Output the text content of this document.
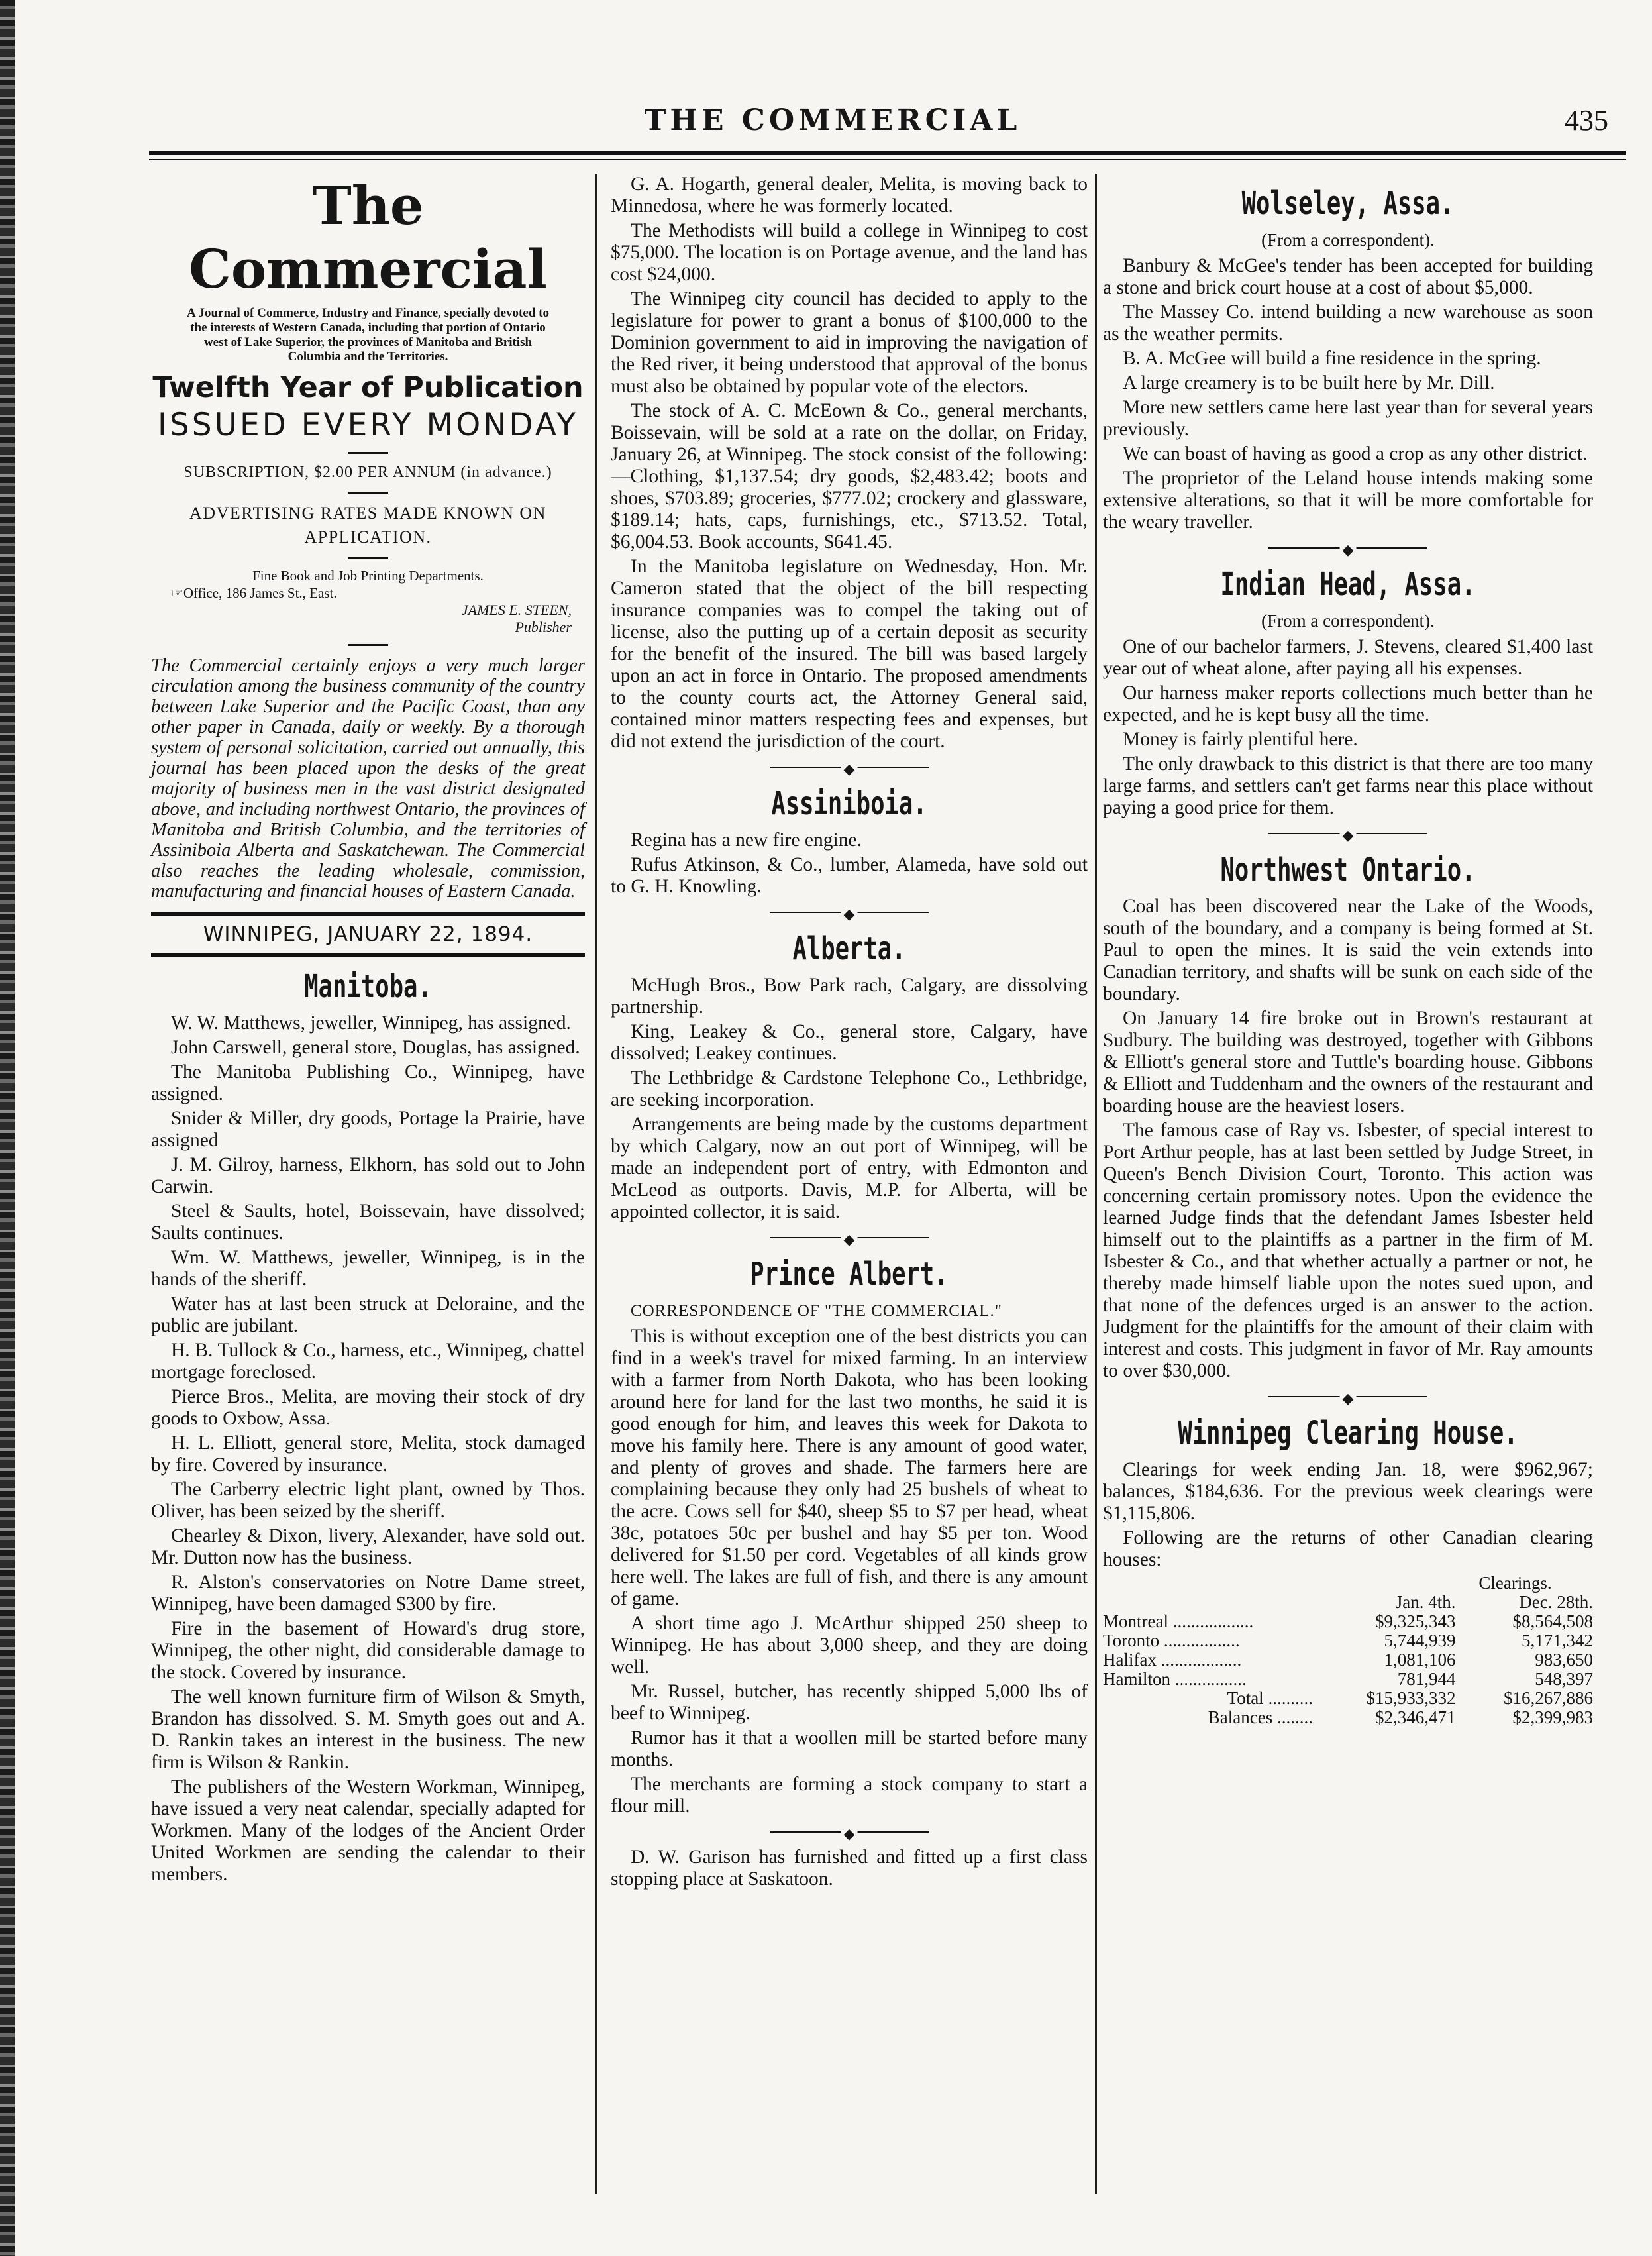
THE COMMERCIAL	435
The Commercial
A Journal of Commerce, Industry and Finance, specially devoted to the interests of Western Canada, including that portion of Ontario west of Lake Superior, the provinces of Manitoba and British Columbia and the Territories.
Twelfth Year of Publication
ISSUED EVERY MONDAY
SUBSCRIPTION, $2.00 PER ANNUM (in advance.)
ADVERTISING RATES MADE KNOWN ON APPLICATION.
Fine Book and Job Printing Departments.
☞Office, 186 James St., East.
JAMES E. STEEN,
Publisher
The Commercial certainly enjoys a very much larger circulation among the business community of the country between Lake Superior and the Pacific Coast, than any other paper in Canada, daily or weekly. By a thorough system of personal solicitation, carried out annually, this journal has been placed upon the desks of the great majority of business men in the vast district designated above, and including northwest Ontario, the provinces of Manitoba and British Columbia, and the territories of Assiniboia Alberta and Saskatchewan. The Commercial also reaches the leading wholesale, commission, manufacturing and financial houses of Eastern Canada.
WINNIPEG, JANUARY 22, 1894.
Manitoba.

W. W. Matthews, jeweller, Winnipeg, has assigned.

John Carswell, general store, Douglas, has assigned.

The Manitoba Publishing Co., Winnipeg, have assigned.

Snider & Miller, dry goods, Portage la Prairie, have assigned

J. M. Gilroy, harness, Elkhorn, has sold out to John Carwin.

Steel & Saults, hotel, Boissevain, have dissolved; Saults continues.

Wm. W. Matthews, jeweller, Winnipeg, is in the hands of the sheriff.

Water has at last been struck at Deloraine, and the public are jubilant.

H. B. Tullock & Co., harness, etc., Winnipeg, chattel mortgage foreclosed.

Pierce Bros., Melita, are moving their stock of dry goods to Oxbow, Assa.

H. L. Elliott, general store, Melita, stock damaged by fire. Covered by insurance.

The Carberry electric light plant, owned by Thos. Oliver, has been seized by the sheriff.

Chearley & Dixon, livery, Alexander, have sold out. Mr. Dutton now has the business.

R. Alston's conservatories on Notre Dame street, Winnipeg, have been damaged $300 by fire.

Fire in the basement of Howard's drug store, Winnipeg, the other night, did considerable damage to the stock. Covered by insurance.

The well known furniture firm of Wilson & Smyth, Brandon has dissolved. S. M. Smyth goes out and A. D. Rankin takes an interest in the business. The new firm is Wilson & Rankin.

The publishers of the Western Workman, Winnipeg, have issued a very neat calendar, specially adapted for Workmen. Many of the lodges of the Ancient Order United Workmen are sending the calendar to their members.

G. A. Hogarth, general dealer, Melita, is moving back to Minnedosa, where he was formerly located.

The Methodists will build a college in Winnipeg to cost $75,000. The location is on Portage avenue, and the land has cost $24,000.

The Winnipeg city council has decided to apply to the legislature for power to grant a bonus of $100,000 to the Dominion government to aid in improving the navigation of the Red river, it being understood that approval of the bonus must also be obtained by popular vote of the electors.

The stock of A. C. McEown & Co., general merchants, Boissevain, will be sold at a rate on the dollar, on Friday, January 26, at Winnipeg. The stock consist of the following:—Clothing, $1,137.54; dry goods, $2,483.42; boots and shoes, $703.89; groceries, $777.02; crockery and glassware, $189.14; hats, caps, furnishings, etc., $713.52. Total, $6,004.53. Book accounts, $641.45.

In the Manitoba legislature on Wednesday, Hon. Mr. Cameron stated that the object of the bill respecting insurance companies was to compel the taking out of license, also the putting up of a certain deposit as security for the benefit of the insured. The bill was based largely upon an act in force in Ontario. The proposed amendments to the county courts act, the Attorney General said, contained minor matters respecting fees and expenses, but did not extend the jurisdiction of the court.

◆
Assiniboia.

Regina has a new fire engine.

Rufus Atkinson, & Co., lumber, Alameda, have sold out to G. H. Knowling.

◆
Alberta.

McHugh Bros., Bow Park rach, Calgary, are dissolving partnership.

King, Leakey & Co., general store, Calgary, have dissolved; Leakey continues.

The Lethbridge & Cardstone Telephone Co., Lethbridge, are seeking incorporation.

Arrangements are being made by the customs department by which Calgary, now an out port of Winnipeg, will be made an independent port of entry, with Edmonton and McLeod as outports. Davis, M.P. for Alberta, will be appointed collector, it is said.

◆
Prince Albert.
CORRESPONDENCE OF "THE COMMERCIAL."

This is without exception one of the best districts you can find in a week's travel for mixed farming. In an interview with a farmer from North Dakota, who has been looking around here for land for the last two months, he said it is good enough for him, and leaves this week for Dakota to move his family here. There is any amount of good water, and plenty of groves and shade. The farmers here are complaining because they only had 25 bushels of wheat to the acre. Cows sell for $40, sheep $5 to $7 per head, wheat 38c, potatoes 50c per bushel and hay $5 per ton. Wood delivered for $1.50 per cord. Vegetables of all kinds grow here well. The lakes are full of fish, and there is any amount of game.

A short time ago J. McArthur shipped 250 sheep to Winnipeg. He has about 3,000 sheep, and they are doing well.

Mr. Russel, butcher, has recently shipped 5,000 lbs of beef to Winnipeg.

Rumor has it that a woollen mill be started before many months.

The merchants are forming a stock company to start a flour mill.

◆

D. W. Garison has furnished and fitted up a first class stopping place at Saskatoon.

Wolseley, Assa.
(From a correspondent).

Banbury & McGee's tender has been accepted for building a stone and brick court house at a cost of about $5,000.

The Massey Co. intend building a new warehouse as soon as the weather permits.

B. A. McGee will build a fine residence in the spring.

A large creamery is to be built here by Mr. Dill.

More new settlers came here last year than for several years previously.

We can boast of having as good a crop as any other district.

The proprietor of the Leland house intends making some extensive alterations, so that it will be more comfortable for the weary traveller.

◆
Indian Head, Assa.
(From a correspondent).

One of our bachelor farmers, J. Stevens, cleared $1,400 last year out of wheat alone, after paying all his expenses.

Our harness maker reports collections much better than he expected, and he is kept busy all the time.

Money is fairly plentiful here.

The only drawback to this district is that there are too many large farms, and settlers can't get farms near this place without paying a good price for them.

◆
Northwest Ontario.

Coal has been discovered near the Lake of the Woods, south of the boundary, and a company is being formed at St. Paul to open the mines. It is said the vein extends into Canadian territory, and shafts will be sunk on each side of the boundary.

On January 14 fire broke out in Brown's restaurant at Sudbury. The building was destroyed, together with Gibbons & Elliott's general store and Tuttle's boarding house. Gibbons & Elliott and Tuddenham and the owners of the restaurant and boarding house are the heaviest losers.

The famous case of Ray vs. Isbester, of special interest to Port Arthur people, has at last been settled by Judge Street, in Queen's Bench Division Court, Toronto. This action was concerning certain promissory notes. Upon the evidence the learned Judge finds that the defendant James Isbester held himself out to the plaintiffs as a partner in the firm of M. Isbester & Co., and that whether actually a partner or not, he thereby made himself liable upon the notes sued upon, and that none of the defences urged is an answer to the action. Judgment for the plaintiffs for the amount of their claim with interest and costs. This judgment in favor of Mr. Ray amounts to over $30,000.

◆
Winnipeg Clearing House.

Clearings for week ending Jan. 18, were $962,967; balances, $184,636. For the previous week clearings were $1,115,806.

Following are the returns of other Canadian clearing houses:

	Clearings.	
	Jan. 4th.	Dec. 28th.
Montreal ..................	$9,325,343	$8,564,508
Toronto .................	5,744,939	5,171,342
Halifax ..................	1,081,106	983,650
Hamilton ................	781,944	548,397
Total ..........	$15,933,332	$16,267,886
Balances ........	$2,346,471	$2,399,983
